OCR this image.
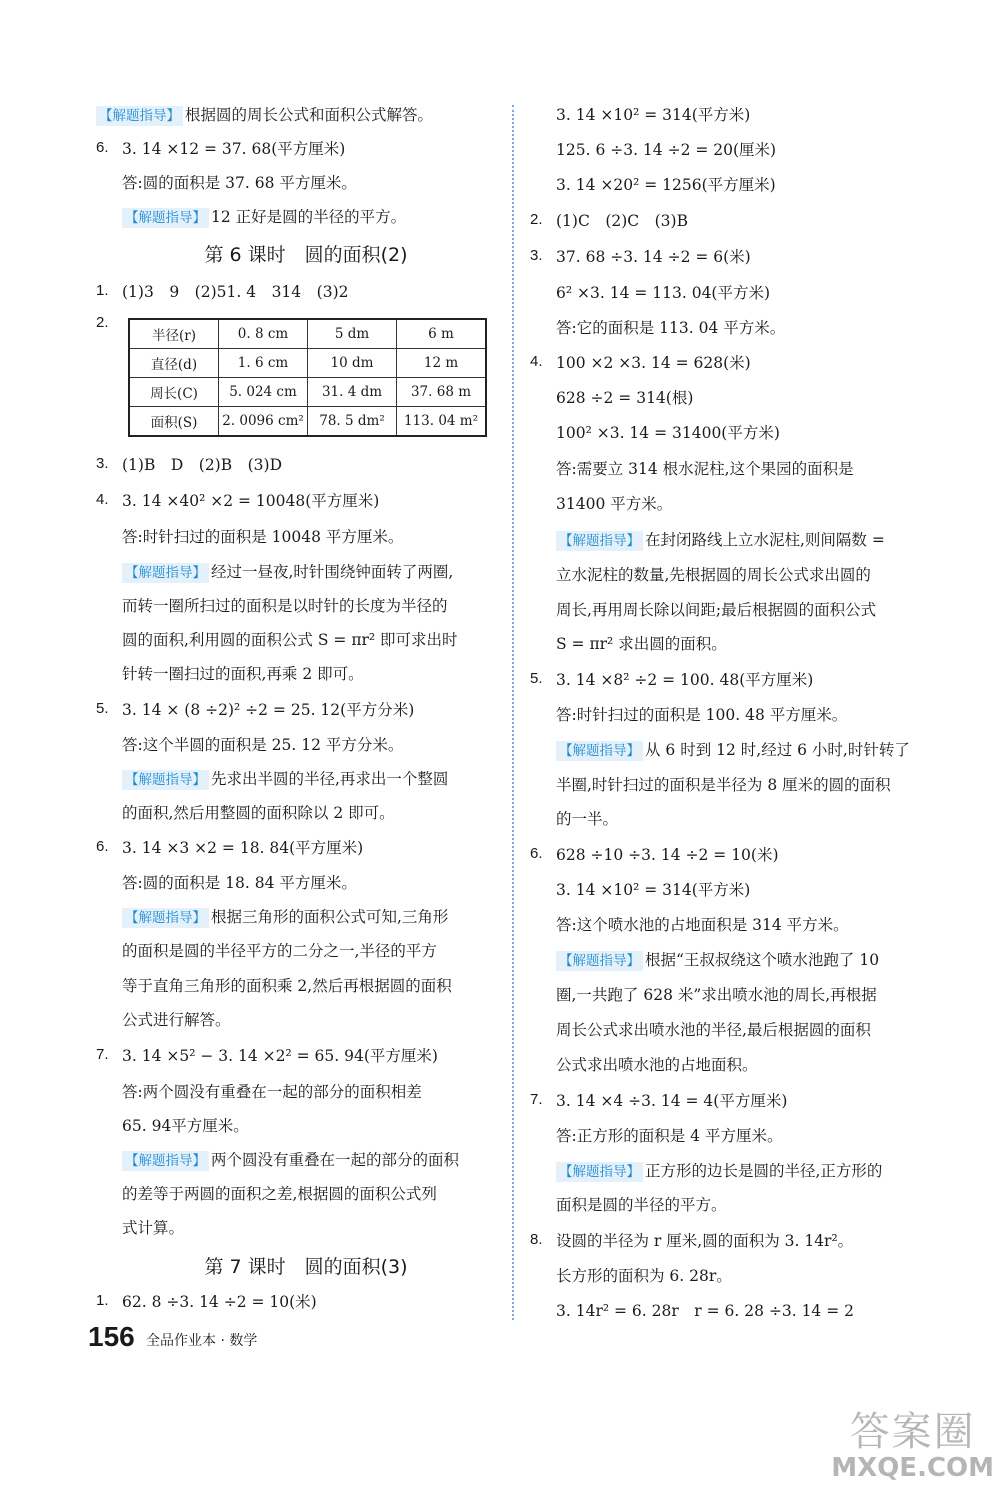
【解题指导】 根据圆的周长公式和面积公式解答。
6. 3. 14 ×12 = 37. 68(平方厘米)
答:圆的面积是 37. 68 平方厘米。
【解题指导】 12 正好是圆的半径的平方。
第 6 课时　圆的面积(2)
1. (1)3　9　(2)51. 4　314　(3)2
2.
半径(r)	0. 8 cm	5 dm	6 m
直径(d)	1. 6 cm	10 dm	12 m
周长(C)	5. 024 cm	31. 4 dm	37. 68 m
面积(S)	2. 0096 cm²	78. 5 dm²	113. 04 m²
3. (1)B　D　(2)B　(3)D
4. 3. 14 ×40² ×2 = 10048(平方厘米)
答:时针扫过的面积是 10048 平方厘米。
【解题指导】 经过一昼夜,时针围绕钟面转了两圈,
而转一圈所扫过的面积是以时针的长度为半径的
圆的面积,利用圆的面积公式 S = πr² 即可求出时
针转一圈扫过的面积,再乘 2 即可。
5. 3. 14 × (8 ÷2)² ÷2 = 25. 12(平方分米)
答:这个半圆的面积是 25. 12 平方分米。
【解题指导】 先求出半圆的半径,再求出一个整圆
的面积,然后用整圆的面积除以 2 即可。
6. 3. 14 ×3 ×2 = 18. 84(平方厘米)
答:圆的面积是 18. 84 平方厘米。
【解题指导】 根据三角形的面积公式可知,三角形
的面积是圆的半径平方的二分之一,半径的平方
等于直角三角形的面积乘 2,然后再根据圆的面积
公式进行解答。
7. 3. 14 ×5² − 3. 14 ×2² = 65. 94(平方厘米)
答:两个圆没有重叠在一起的部分的面积相差
65. 94平方厘米。
【解题指导】 两个圆没有重叠在一起的部分的面积
的差等于两圆的面积之差,根据圆的面积公式列
式计算。
第 7 课时　圆的面积(3)
1. 62. 8 ÷3. 14 ÷2 = 10(米)
3. 14 ×10² = 314(平方米)
125. 6 ÷3. 14 ÷2 = 20(厘米)
3. 14 ×20² = 1256(平方厘米)
2. (1)C　(2)C　(3)B
3. 37. 68 ÷3. 14 ÷2 = 6(米)
6² ×3. 14 = 113. 04(平方米)
答:它的面积是 113. 04 平方米。
4. 100 ×2 ×3. 14 = 628(米)
628 ÷2 = 314(根)
100² ×3. 14 = 31400(平方米)
答:需要立 314 根水泥柱,这个果园的面积是
31400 平方米。
【解题指导】 在封闭路线上立水泥柱,则间隔数 =
立水泥柱的数量,先根据圆的周长公式求出圆的
周长,再用周长除以间距;最后根据圆的面积公式
S = πr² 求出圆的面积。
5. 3. 14 ×8² ÷2 = 100. 48(平方厘米)
答:时针扫过的面积是 100. 48 平方厘米。
【解题指导】 从 6 时到 12 时,经过 6 小时,时针转了
半圈,时针扫过的面积是半径为 8 厘米的圆的面积
的一半。
6. 628 ÷10 ÷3. 14 ÷2 = 10(米)
3. 14 ×10² = 314(平方米)
答:这个喷水池的占地面积是 314 平方米。
【解题指导】 根据“王叔叔绕这个喷水池跑了 10
圈,一共跑了 628 米”求出喷水池的周长,再根据
周长公式求出喷水池的半径,最后根据圆的面积
公式求出喷水池的占地面积。
7. 3. 14 ×4 ÷3. 14 = 4(平方厘米)
答:正方形的面积是 4 平方厘米。
【解题指导】 正方形的边长是圆的半径,正方形的
面积是圆的半径的平方。
8. 设圆的半径为 r 厘米,圆的面积为 3. 14r²。
长方形的面积为 6. 28r。
3. 14r² = 6. 28r　r = 6. 28 ÷3. 14 = 2
156 全品作业本 · 数学
答案圈
MXQE.COM
